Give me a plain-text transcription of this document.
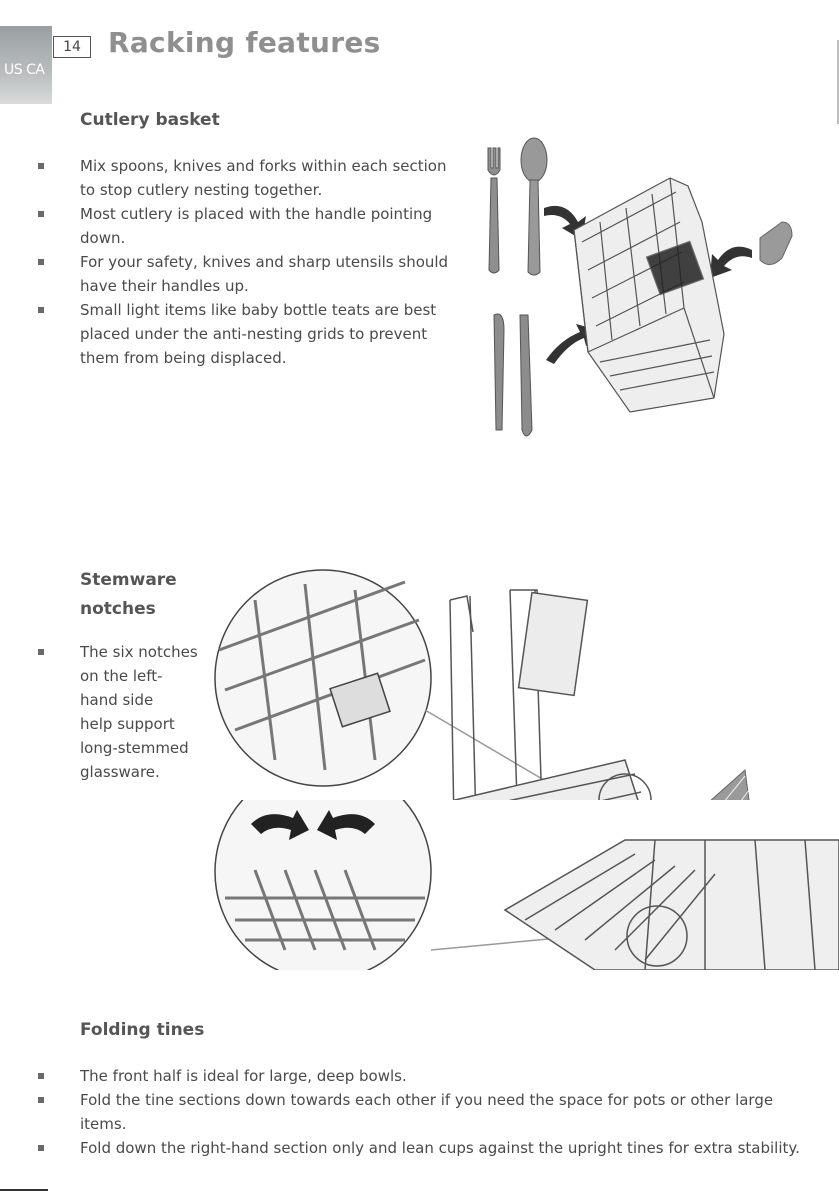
US CA
14 Racking features
Cutlery basket
Mix spoons, knives and forks within each section to stop cutlery nesting together.
Most cutlery is placed with the handle pointing down.
For your safety, knives and sharp utensils should have their handles up.
Small light items like baby bottle teats are best placed under the anti-nesting grids to prevent them from being displaced.
Stemware
notches
The six notches
on the left-
hand side
help support
long-stemmed
glassware.
Folding tines
The front half is ideal for large, deep bowls.
Fold the tine sections down towards each other if you need the space for pots or other large items.
Fold down the right-hand section only and lean cups against the upright tines for extra stability.
